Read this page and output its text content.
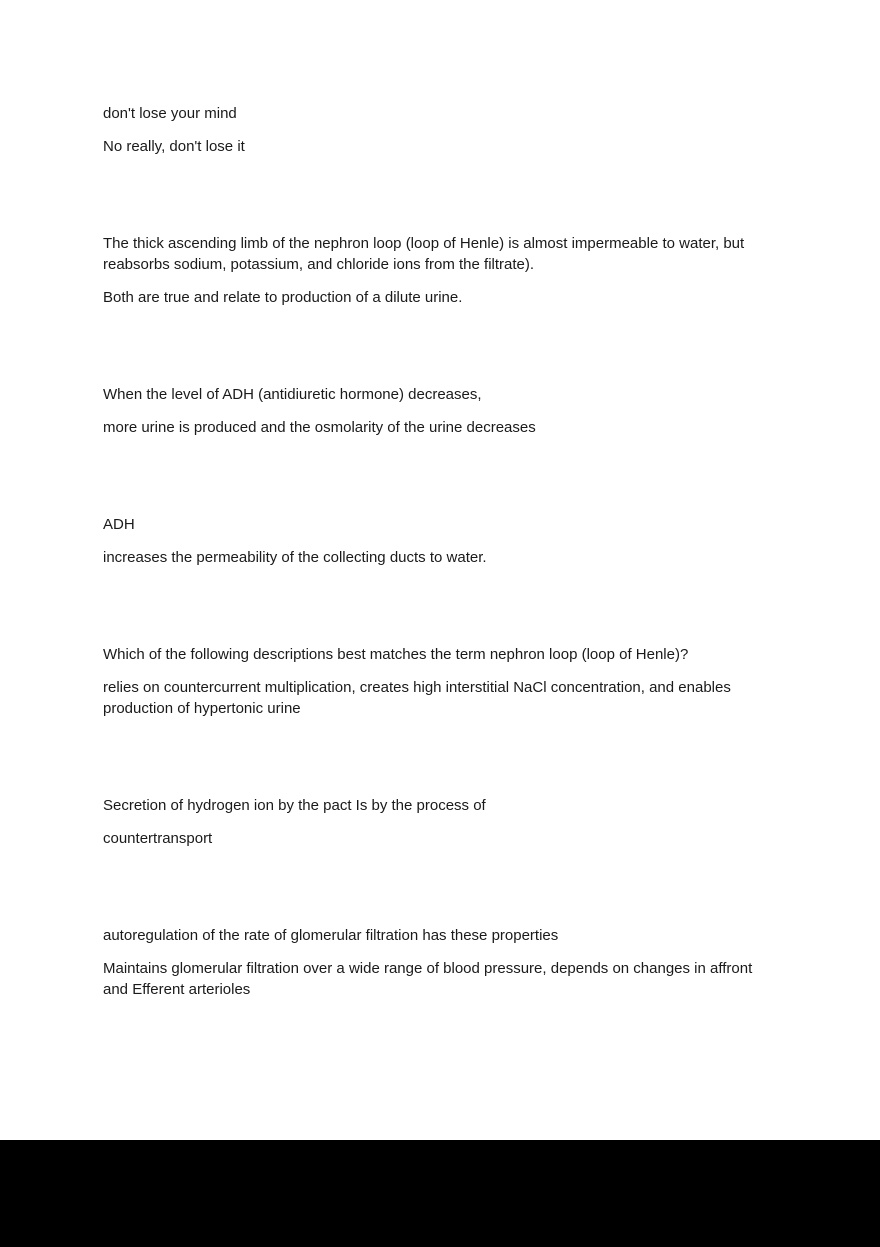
don't lose your mind

No really, don't lose it

The thick ascending limb of the nephron loop (loop of Henle) is almost impermeable to water, but reabsorbs sodium, potassium, and chloride ions from the filtrate).

Both are true and relate to production of a dilute urine.

When the level of ADH (antidiuretic hormone) decreases,

more urine is produced and the osmolarity of the urine decreases

ADH

increases the permeability of the collecting ducts to water.

Which of the following descriptions best matches the term nephron loop (loop of Henle)?

relies on countercurrent multiplication, creates high interstitial NaCl concentration, and enables production of hypertonic urine

Secretion of hydrogen ion by the pact Is by the process of

countertransport

autoregulation of the rate of glomerular filtration has these properties

Maintains glomerular filtration over a wide range of blood pressure, depends on changes in affront and Efferent arterioles
